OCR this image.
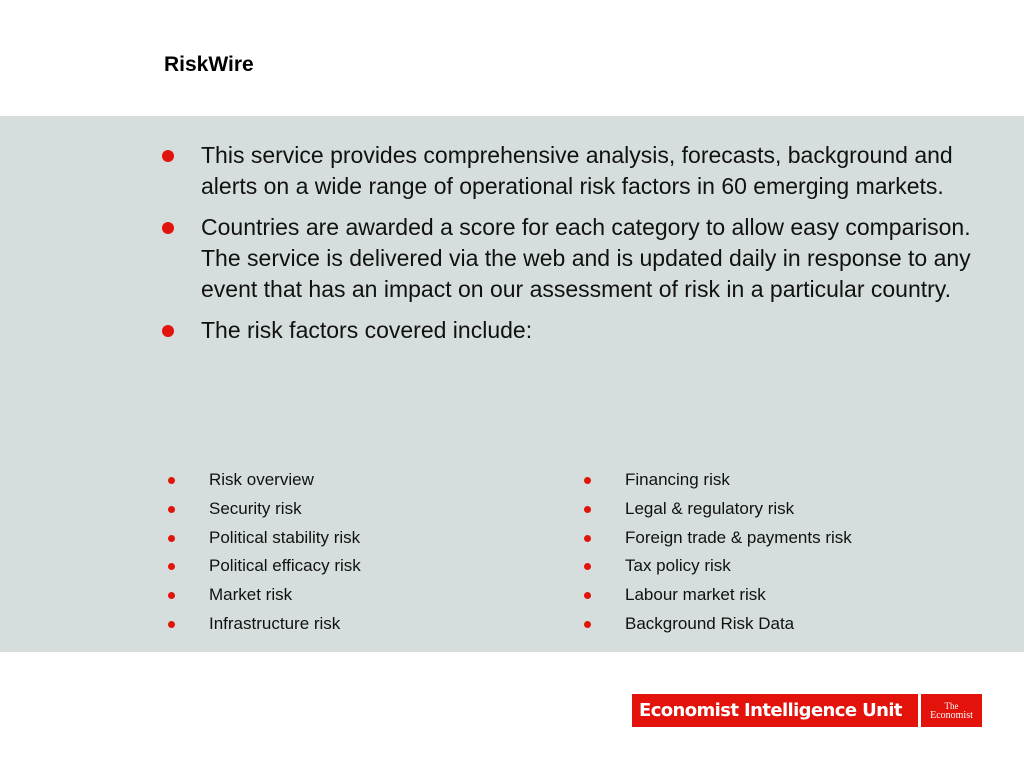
RiskWire
This service provides comprehensive analysis, forecasts, background and alerts on a wide range of operational risk factors in 60 emerging markets.
Countries are awarded a score for each category to allow easy comparison. The service is delivered via the web and is updated daily in response to any event that has an impact on our assessment of risk in a particular country.
The risk factors covered include:
Risk overview
Security risk
Political stability risk
Political efficacy risk
Market risk
Infrastructure risk
Financing risk
Legal & regulatory risk
Foreign trade & payments risk
Tax policy risk
Labour market risk
Background Risk Data
Economist Intelligence Unit	The
Economist
